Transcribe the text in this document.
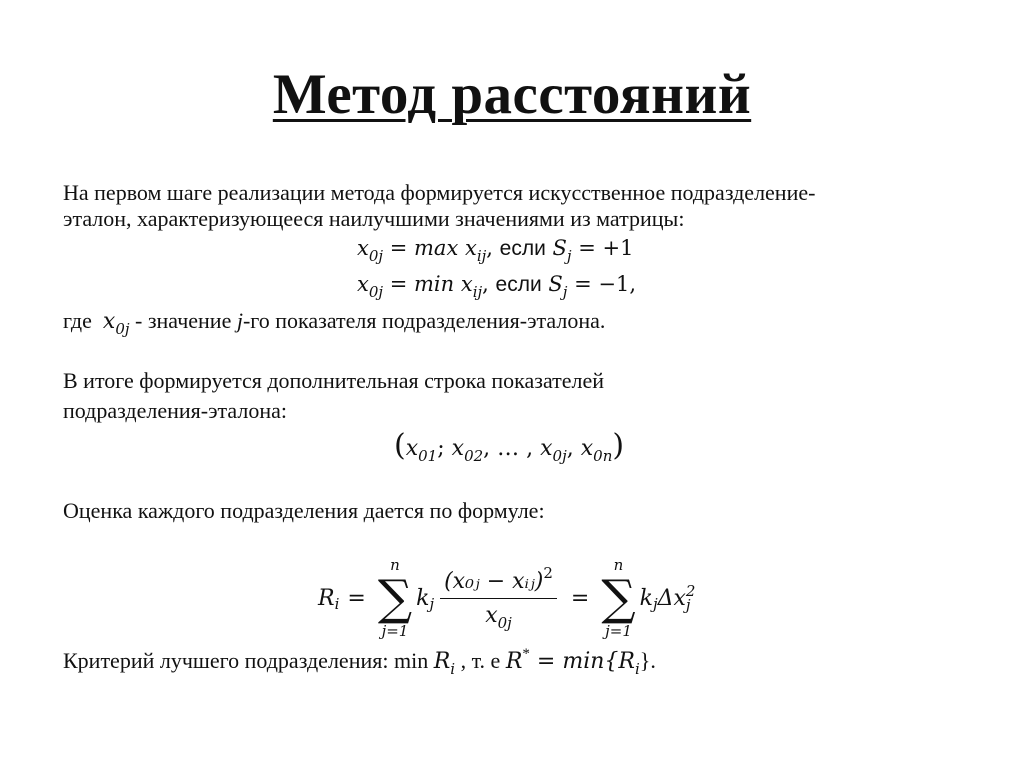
Метод расстояний
На первом шаге реализации метода формируется искусственное подразделение-
эталон, характеризующееся наилучшими значениями из матрицы:
$x_{0j} = \max x_{ij}$, если $S_j = +1$
$x_{0j} = \min x_{ij}$, если $S_j = -1$,
где $x_{0j}$ - значение j-го показателя подразделения-эталона.
В итоге формируется дополнительная строка показателей
подразделения-эталона:
($x_{01}$; $x_{02}$, … , $x_{0j}$, $x_{0n}$)
Оценка каждого подразделения дается по формуле:
R i =
n
∑
j=1
k j $\frac{(x_0ⱼ - xᵢⱼ)^2}{x_{0j}}$ =
n
∑
j=1
k j Δx 2
j
Критерий лучшего подразделения: $\min R_i$ , т. е $R^* = \min\{R_i\}$.
